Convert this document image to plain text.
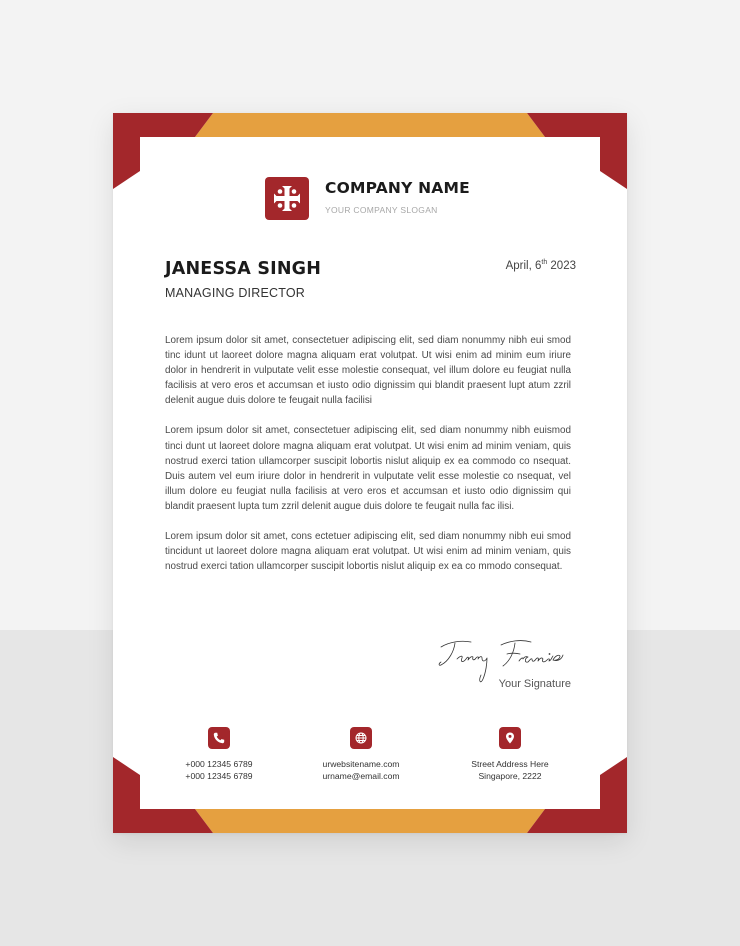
COMPANY NAME
YOUR COMPANY SLOGAN
JANESSA SINGH
MANAGING DIRECTOR
April, 6th 2023

Lorem ipsum dolor sit amet, consectetuer adipiscing elit, sed diam nonummy nibh eui smod tinc idunt ut laoreet dolore magna aliquam erat volutpat. Ut wisi enim ad minim eum iriure dolor in hendrerit in vulputate velit esse molestie consequat, vel illum dolore eu feugiat nulla facilisis at vero eros et accumsan et iusto odio dignissim qui blandit praesent lupt atum zzril delenit augue duis dolore te feugait nulla facilisi

Lorem ipsum dolor sit amet, consectetuer adipiscing elit, sed diam nonummy nibh euismod tinci dunt ut laoreet dolore magna aliquam erat volutpat. Ut wisi enim ad minim veniam, quis nostrud exerci tation ullamcorper suscipit lobortis nislut aliquip ex ea commodo co nsequat. Duis autem vel eum iriure dolor in hendrerit in vulputate velit esse molestie co nsequat, vel illum dolore eu feugiat nulla facilisis at vero eros et accumsan et iusto odio dignissim qui blandit praesent lupta tum zzril delenit augue duis dolore te feugait nulla fac ilisi.

Lorem ipsum dolor sit amet, cons ectetuer adipiscing elit, sed diam nonummy nibh eui smod tincidunt ut laoreet dolore magna aliquam erat volutpat. Ut wisi enim ad minim veniam, quis nostrud exerci tation ullamcorper suscipit lobortis nislut aliquip ex ea co mmodo consequat.

Your Signature
+000 12345 6789
+000 12345 6789
urwebsitename.com
urname@email.com
Street Address Here
Singapore, 2222
